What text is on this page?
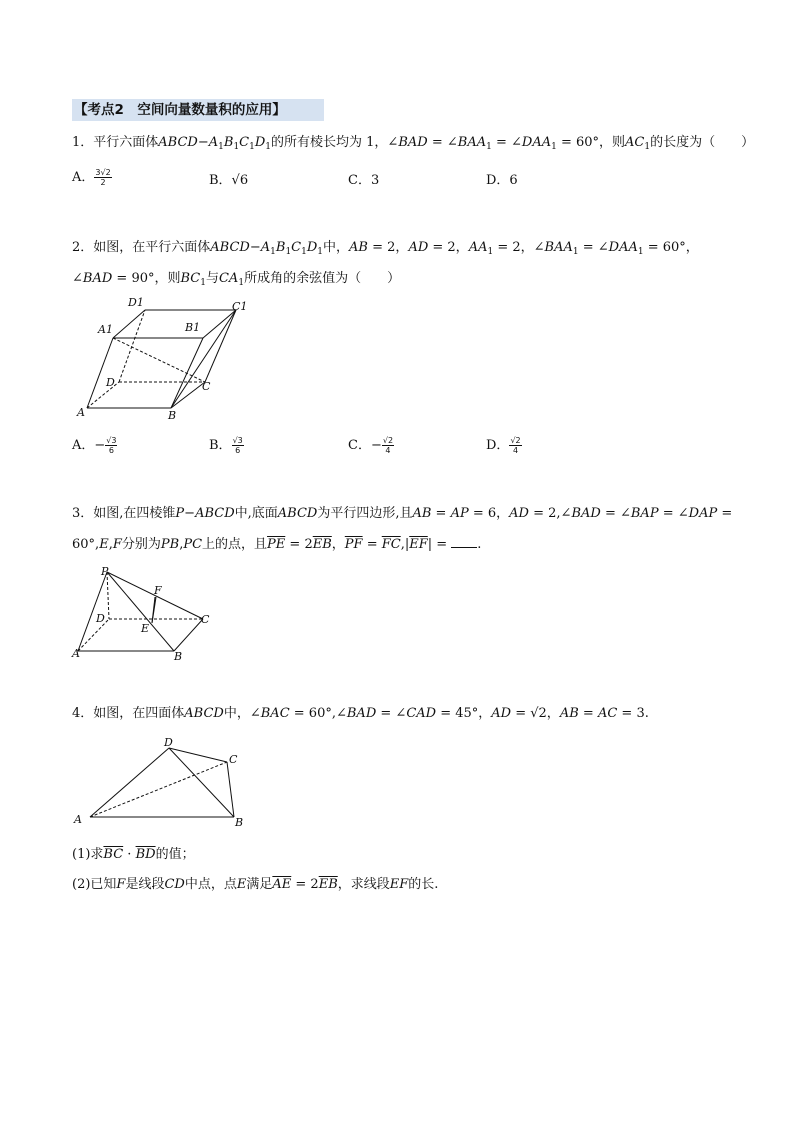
【考点2　空间向量数量积的应用】
1．平行六面体$ABCD-A_1B_1C_1D_1$的所有棱长均为 1，∠BAD = $\angle BAA_1$ = $\angle DAA_1 = 60^\circ$，则$AC_1$的长度为（　　）
A． $\frac{3√2}{2}$	B．√6	C．3	D．6
2．如图，在平行六面体$ABCD-A_1B_1C_1D_1$中，AB = 2，AD = 2，$AA_1 = 2$，$\angle BAA_1$ = $\angle DAA_1 = 60^\circ$，
∠BAD = 90°，则$BC_1$与$CA_1$所成角的余弦值为（　　）
D1	C1
A1	B1
D	C
A	B
A．− $\frac{√3}{6}$	B． $\frac{√3}{6}$	C．− $\frac{√2}{4}$	D． $\frac{√2}{4}$
3．如图,在四棱锥P−ABCD中,底面ABCD为平行四边形,且AB = AP = 6，AD = 2,∠BAD = ∠BAP = ∠DAP =
60°,E,F分别为PB,PC上的点，且$\overline{PE} = 2\overline{EB}$，$\overline{PF} = \overline{FC},|\overline{EF}|$ = .
P
F
D
E
C
A	B
4．如图，在四面体ABCD中，∠BAC = 60°,∠BAD = ∠CAD = 45°，AD = √2，AB = AC = 3.
D
C
A	B
(1)求$\overline{BC} \cdot \overline{BD}$的值；
(2)已知F是线段CD中点，点E满足$\overline{AE} = 2\overline{EB}$，求线段EF的长.
